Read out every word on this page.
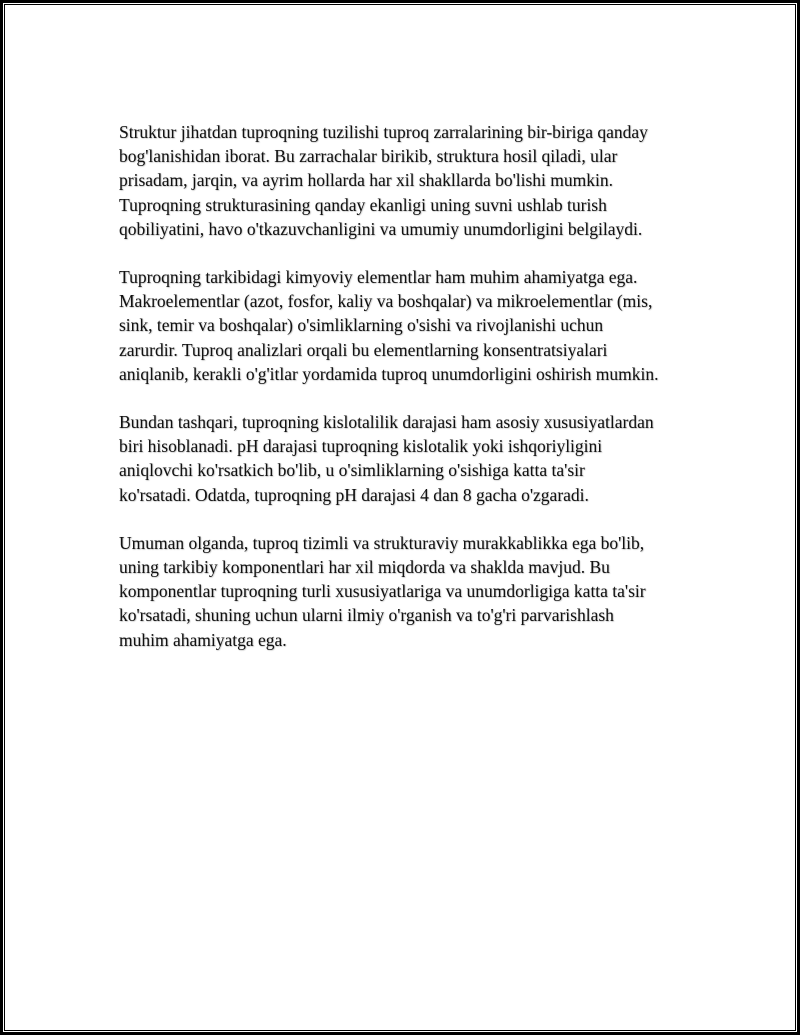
Struktur jihatdan tuproqning tuzilishi tuproq zarralarining bir-biriga qanday
bog'lanishidan iborat. Bu zarrachalar birikib, struktura hosil qiladi, ular
prisadam, jarqin, va ayrim hollarda har xil shakllarda bo'lishi mumkin.
Tuproqning strukturasining qanday ekanligi uning suvni ushlab turish
qobiliyatini, havo o'tkazuvchanligini va umumiy unumdorligini belgilaydi.

Tuproqning tarkibidagi kimyoviy elementlar ham muhim ahamiyatga ega.
Makroelementlar (azot, fosfor, kaliy va boshqalar) va mikroelementlar (mis,
sink, temir va boshqalar) o'simliklarning o'sishi va rivojlanishi uchun
zarurdir. Tuproq analizlari orqali bu elementlarning konsentratsiyalari
aniqlanib, kerakli o'g'itlar yordamida tuproq unumdorligini oshirish mumkin.

Bundan tashqari, tuproqning kislotalilik darajasi ham asosiy xususiyatlardan
biri hisoblanadi. pH darajasi tuproqning kislotalik yoki ishqoriyligini
aniqlovchi ko'rsatkich bo'lib, u o'simliklarning o'sishiga katta ta'sir
ko'rsatadi. Odatda, tuproqning pH darajasi 4 dan 8 gacha o'zgaradi.

Umuman olganda, tuproq tizimli va strukturaviy murakkablikka ega bo'lib,
uning tarkibiy komponentlari har xil miqdorda va shaklda mavjud. Bu
komponentlar tuproqning turli xususiyatlariga va unumdorligiga katta ta'sir
ko'rsatadi, shuning uchun ularni ilmiy o'rganish va to'g'ri parvarishlash
muhim ahamiyatga ega.
